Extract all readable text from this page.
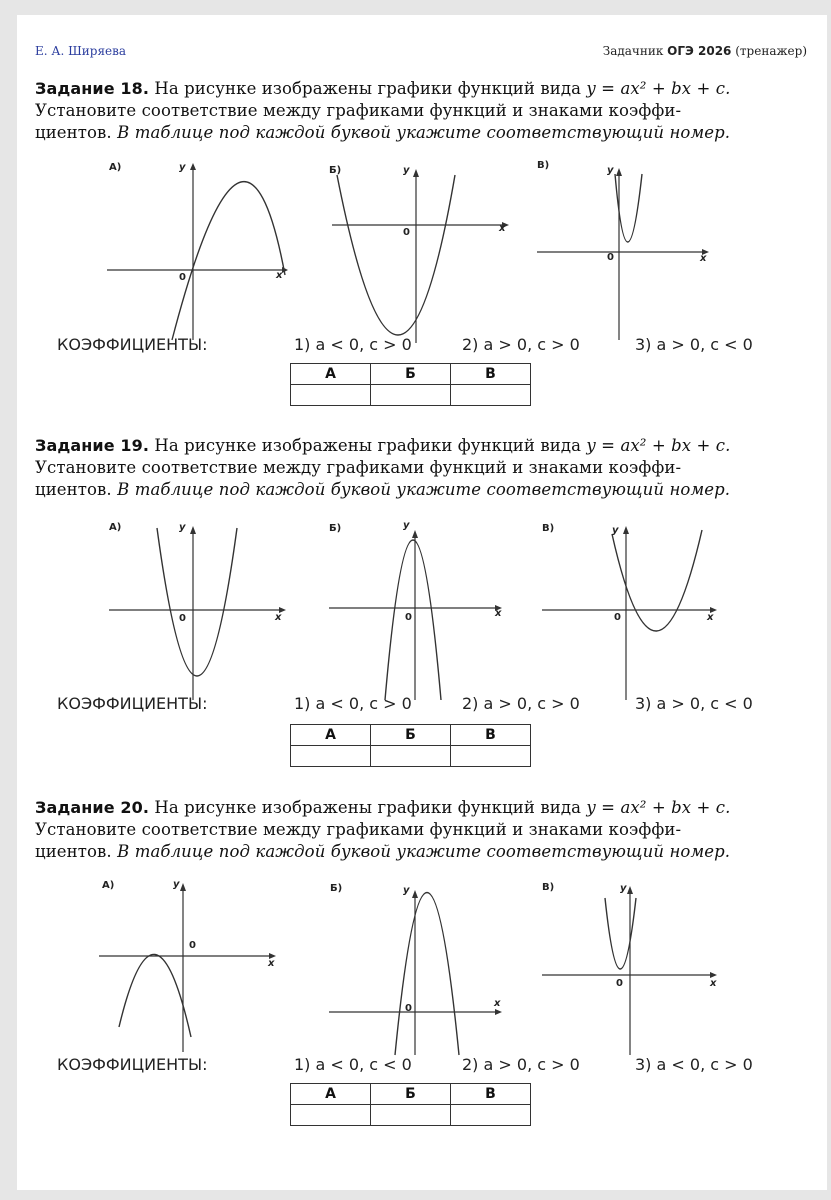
Е. А. Ширяева	Задачник ОГЭ 2026 (тренажер)
Задание 18. На рисунке изображены графики функций вида y = ax² + bx + c.
Установите соответствие между графиками функций и знаками коэффи-
циентов. В таблице под каждой буквой укажите соответствующий номер.
А)	y
x
0
Б)	y
x
0
В)	y
x
0
КОЭФФИЦИЕНТЫ:	1) a < 0, c > 0	2) a > 0, c > 0	3) a > 0, c < 0
А	Б	В

Задание 19. На рисунке изображены графики функций вида y = ax² + bx + c.
Установите соответствие между графиками функций и знаками коэффи-
циентов. В таблице под каждой буквой укажите соответствующий номер.
А)	y
x
0
Б)	y
x
0
В)	y
x
0
КОЭФФИЦИЕНТЫ:	1) a < 0, c > 0	2) a > 0, c > 0	3) a > 0, c < 0
А	Б	В

Задание 20. На рисунке изображены графики функций вида y = ax² + bx + c.
Установите соответствие между графиками функций и знаками коэффи-
циентов. В таблице под каждой буквой укажите соответствующий номер.
А)	y
x
0
Б)	y
x
0
В)	y
x
0
КОЭФФИЦИЕНТЫ:	1) a < 0, c < 0	2) a > 0, c > 0	3) a < 0, c > 0
А	Б	В
